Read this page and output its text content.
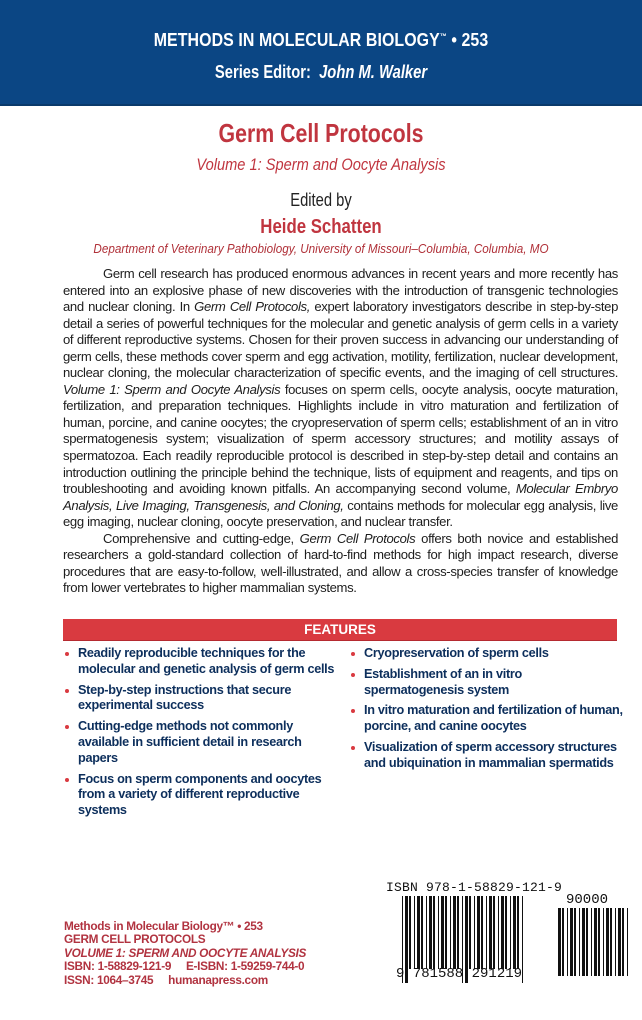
METHODS IN MOLECULAR BIOLOGY™ • 253
Series Editor: John M. Walker
Germ Cell Protocols
Volume 1: Sperm and Oocyte Analysis
Edited by
Heide Schatten
Department of Veterinary Pathobiology, University of Missouri–Columbia, Columbia, MO

Germ cell research has produced enormous advances in recent years and more recently has entered into an explosive phase of new discoveries with the introduction of transgenic technologies and nuclear cloning. In Germ Cell Protocols, expert laboratory investigators describe in step-by-step detail a series of powerful techniques for the molecular and genetic analysis of germ cells in a variety of different reproductive systems. Chosen for their proven success in advancing our understanding of germ cells, these methods cover sperm and egg activation, motility, fertilization, nuclear development, nuclear cloning, the molecular characterization of specific events, and the imaging of cell structures. Volume 1: Sperm and Oocyte Analysis focuses on sperm cells, oocyte analysis, oocyte maturation, fertilization, and preparation techniques. Highlights include in vitro maturation and fertilization of human, porcine, and canine oocytes; the cryopreservation of sperm cells; establishment of an in vitro spermatogenesis system; visualization of sperm accessory structures; and motility assays of spermatozoa. Each readily reproducible protocol is described in step-by-step detail and contains an introduction outlining the principle behind the technique, lists of equipment and reagents, and tips on troubleshooting and avoiding known pitfalls. An accompanying second volume, Molecular Embryo Analysis, Live Imaging, Transgenesis, and Cloning, contains methods for molecular egg analysis, live egg imaging, nuclear cloning, oocyte preservation, and nuclear transfer.

Comprehensive and cutting-edge, Germ Cell Protocols offers both novice and established researchers a gold-standard collection of hard-to-find methods for high impact research, diverse procedures that are easy-to-follow, well-illustrated, and allow a cross-species transfer of knowledge from lower vertebrates to higher mammalian systems.

FEATURES
Readily reproducible techniques for the molecular and genetic analysis of germ cells
Step-by-step instructions that secure experimental success
Cutting-edge methods not commonly available in sufficient detail in research papers
Focus on sperm components and oocytes from a variety of different reproductive systems
Cryopreservation of sperm cells
Establishment of an in vitro spermatogenesis system
In vitro maturation and fertilization of human, porcine, and canine oocytes
Visualization of sperm accessory structures and ubiquination in mammalian spermatids
Methods in Molecular Biology™ • 253
GERM CELL PROTOCOLS
VOLUME 1: SPERM AND OOCYTE ANALYSIS
ISBN: 1-58829-121-9     E-ISBN: 1-59259-744-0
ISSN: 1064–3745     humanapress.com
ISBN 978-1-58829-121-9
90000
9 781588 291219
